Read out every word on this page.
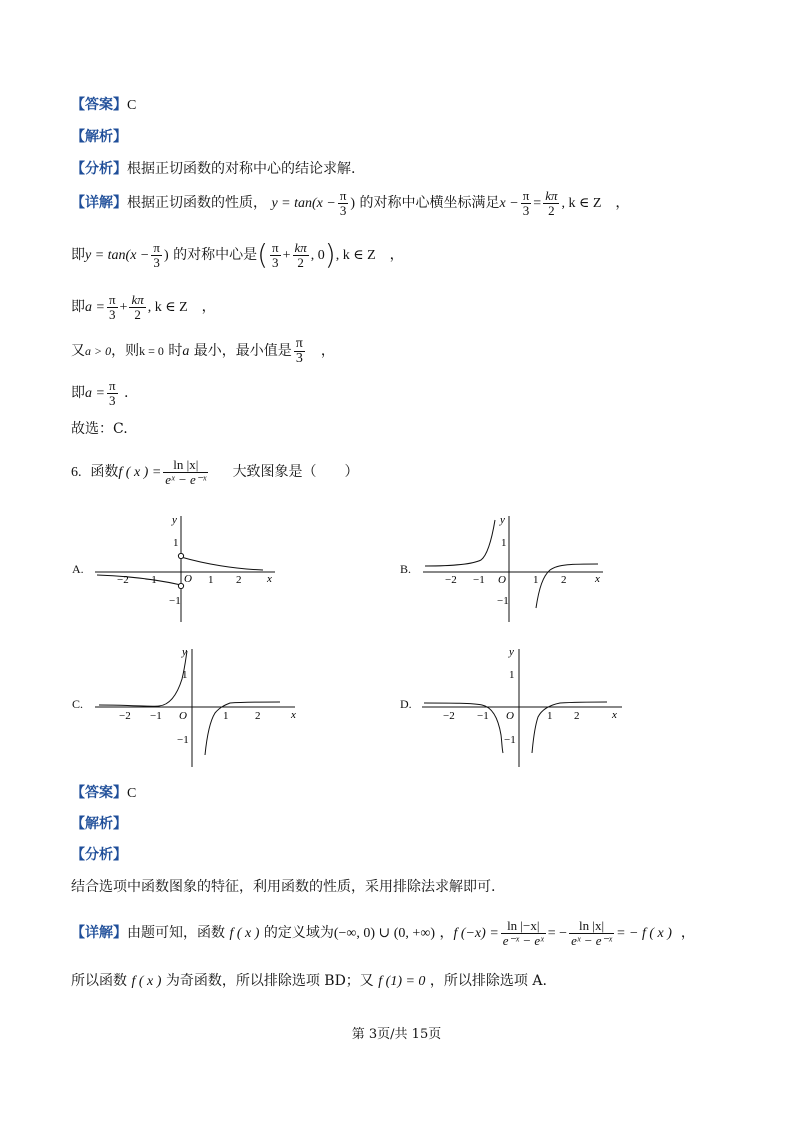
【答案】C
【解析】
【分析】根据正切函数的对称中心的结论求解.
【详解】根据正切函数的性质， $y = \tan(x - \frac{\pi}{3}$ ) 的对称中心横坐标满足$x - \frac{\pi}{3} = \frac{k\pi}{2}$ , k ∈ Z　，
即$y = \tan(x - \frac{\pi}{3}$ ) 的对称中心是( $\frac{\pi}{3} + \frac{k\pi}{2}$ , 0), k ∈ Z　，
即$a = \frac{\pi}{3} + \frac{k\pi}{2}$ , k ∈ Z　，
又a > 0，则k = 0 时a 最小，最小值是 $\frac{\pi}{3}$
　 ，
即$a = \frac{\pi}{3}$ .
故选：C.
6. 函数f ( x ) = $\frac{\ln |x|}{\text{eˣ − e⁻ˣ}}$ 大致图象是（　　）
A.	B.
C.	D.
y
x
O
−2 −1	1 2
1
−1
y
x
O
−2 −1	1 2
1
−1
y
x
O
−2 −1	1 2
1
−1
y
x
O
−2 −1	1 2
1
−1
【答案】C
【解析】
【分析】
结合选项中函数图象的特征，利用函数的性质，采用排除法求解即可.
【详解】由题可知，函数 f ( x ) 的定义域为(−∞, 0) ∪ (0, +∞) ，f $(-x) = \frac{\ln |-x|}{\text{e⁻ˣ − eˣ}}$ = − $\frac{\ln |x|}{\text{eˣ − e⁻ˣ}}$ = − f ( x ) ，
所以函数 f ( x ) 为奇函数，所以排除选项 BD；又 f (1) = 0 ，所以排除选项 A.
第 3页/共 15页
